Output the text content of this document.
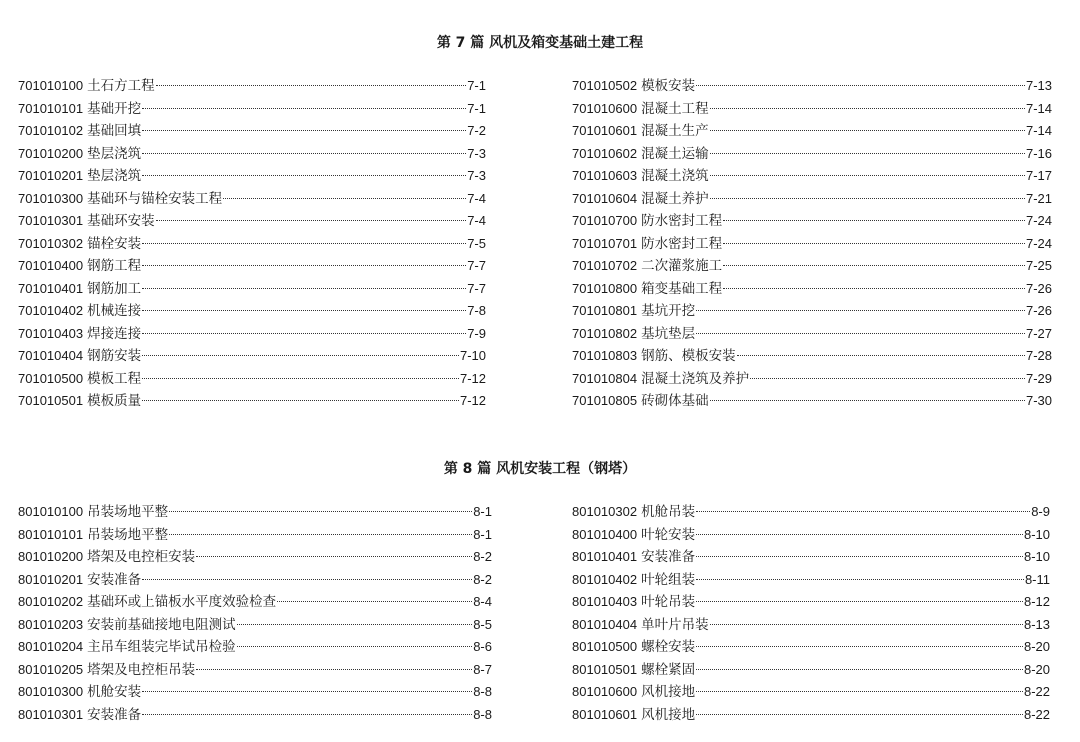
第 7 篇 风机及箱变基础土建工程
701010100 土石方工程	7-1
701010101 基础开挖	7-1
701010102 基础回填	7-2
701010200 垫层浇筑	7-3
701010201 垫层浇筑	7-3
701010300 基础环与锚栓安装工程	7-4
701010301 基础环安装	7-4
701010302 锚栓安装	7-5
701010400 钢筋工程	7-7
701010401 钢筋加工	7-7
701010402 机械连接	7-8
701010403 焊接连接	7-9
701010404 钢筋安装	7-10
701010500 模板工程	7-12
701010501 模板质量	7-12
701010502 模板安装	7-13
701010600 混凝土工程	7-14
701010601 混凝土生产	7-14
701010602 混凝土运输	7-16
701010603 混凝土浇筑	7-17
701010604 混凝土养护	7-21
701010700 防水密封工程	7-24
701010701 防水密封工程	7-24
701010702 二次灌浆施工	7-25
701010800 箱变基础工程	7-26
701010801 基坑开挖	7-26
701010802 基坑垫层	7-27
701010803 钢筋、模板安装	7-28
701010804 混凝土浇筑及养护	7-29
701010805 砖砌体基础	7-30
第 8 篇 风机安装工程（钢塔）
801010100 吊装场地平整	8-1
801010101 吊装场地平整	8-1
801010200 塔架及电控柜安装	8-2
801010201 安装准备	8-2
801010202 基础环或上锚板水平度效验检查	8-4
801010203 安装前基础接地电阻测试	8-5
801010204 主吊车组装完毕试吊检验	8-6
801010205 塔架及电控柜吊装	8-7
801010300 机舱安装	8-8
801010301 安装准备	8-8
801010302 机舱吊装	8-9
801010400 叶轮安装	8-10
801010401 安装准备	8-10
801010402 叶轮组装	8-11
801010403 叶轮吊装	8-12
801010404 单叶片吊装	8-13
801010500 螺栓安装	8-20
801010501 螺栓紧固	8-20
801010600 风机接地	8-22
801010601 风机接地	8-22
